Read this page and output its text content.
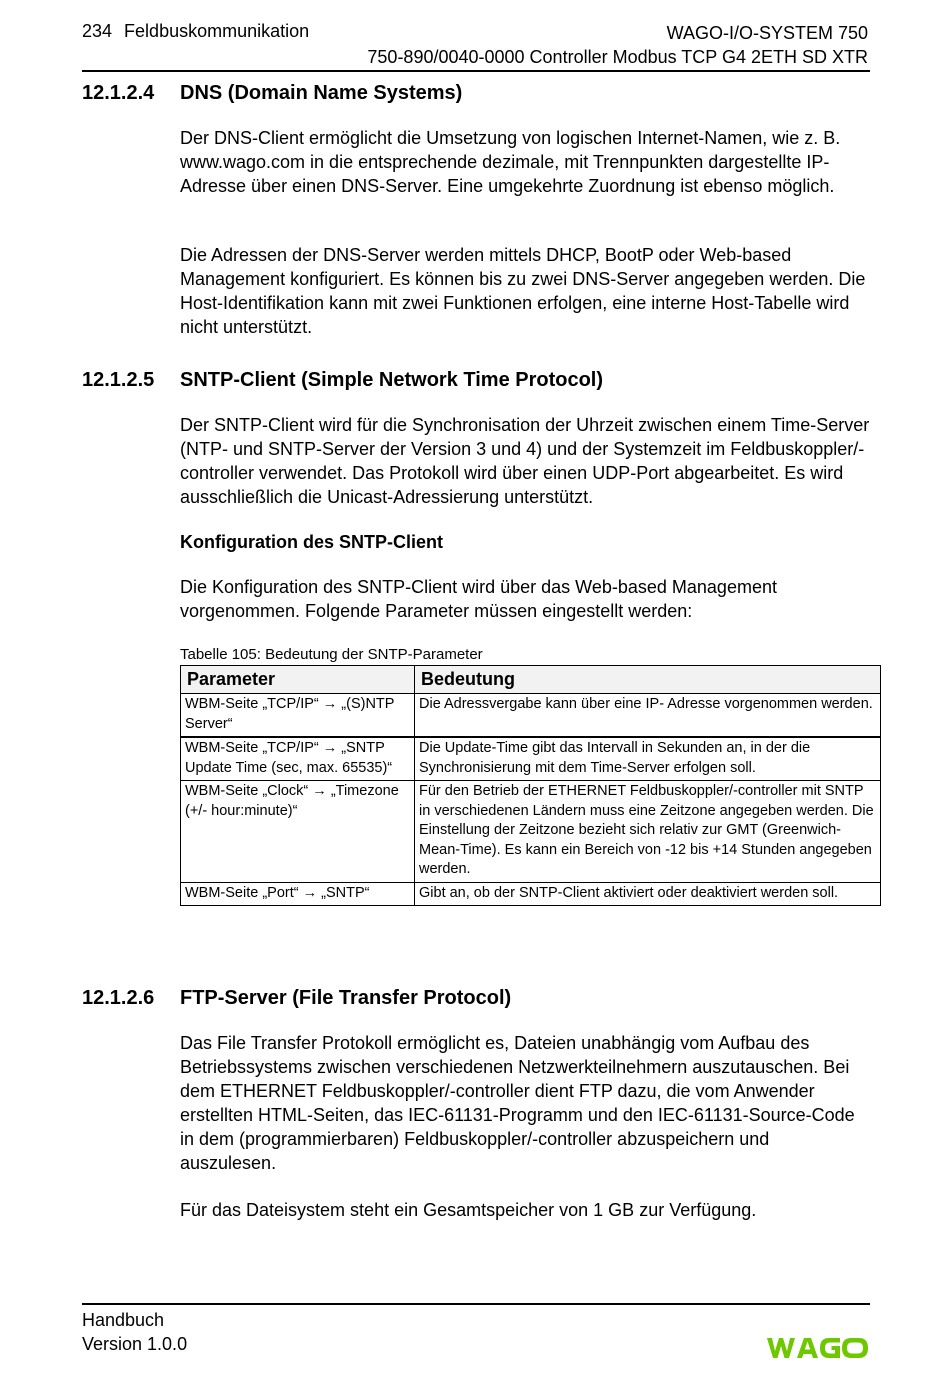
234 Feldbuskommunikation	WAGO-I/O-SYSTEM 750
750-890/0040-0000 Controller Modbus TCP G4 2ETH SD XTR
12.1.2.4 DNS (Domain Name Systems)

Der DNS-Client ermöglicht die Umsetzung von logischen Internet-Namen, wie z. B. www.wago.com in die entsprechende dezimale, mit Trennpunkten dargestellte IP-Adresse über einen DNS-Server. Eine umgekehrte Zuordnung ist ebenso möglich.

Die Adressen der DNS-Server werden mittels DHCP, BootP oder Web-based Management konfiguriert. Es können bis zu zwei DNS-Server angegeben werden. Die Host-Identifikation kann mit zwei Funktionen erfolgen, eine interne Host-Tabelle wird nicht unterstützt.

12.1.2.5 SNTP-Client (Simple Network Time Protocol)

Der SNTP-Client wird für die Synchronisation der Uhrzeit zwischen einem Time-Server (NTP- und SNTP-Server der Version 3 und 4) und der Systemzeit im Feldbuskoppler/-controller verwendet. Das Protokoll wird über einen UDP-Port abgearbeitet. Es wird ausschließlich die Unicast-Adressierung unterstützt.

Konfiguration des SNTP-Client

Die Konfiguration des SNTP-Client wird über das Web-based Management vorgenommen. Folgende Parameter müssen eingestellt werden:

Tabelle 105: Bedeutung der SNTP-Parameter
Parameter	Bedeutung
WBM-Seite „TCP/IP“ → „(S)NTP Server“	Die Adressvergabe kann über eine IP- Adresse vorgenommen werden.
WBM-Seite „TCP/IP“ → „SNTP Update Time (sec, max. 65535)“	Die Update-Time gibt das Intervall in Sekunden an, in der die Synchronisierung mit dem Time-Server erfolgen soll.
WBM-Seite „Clock“ → „Timezone (+/- hour:minute)“	Für den Betrieb der ETHERNET Feldbuskoppler/-controller mit SNTP in verschiedenen Ländern muss eine Zeitzone angegeben werden. Die Einstellung der Zeitzone bezieht sich relativ zur GMT (Greenwich-Mean-Time). Es kann ein Bereich von -12 bis +14 Stunden angegeben werden.
WBM-Seite „Port“ → „SNTP“	Gibt an, ob der SNTP-Client aktiviert oder deaktiviert werden soll.
12.1.2.6 FTP-Server (File Transfer Protocol)

Das File Transfer Protokoll ermöglicht es, Dateien unabhängig vom Aufbau des Betriebssystems zwischen verschiedenen Netzwerkteilnehmern auszutauschen. Bei dem ETHERNET Feldbuskoppler/-controller dient FTP dazu, die vom Anwender erstellten HTML-Seiten, das IEC-61131-Programm und den IEC-61131-Source-Code in dem (programmierbaren) Feldbuskoppler/-controller abzuspeichern und auszulesen.

Für das Dateisystem steht ein Gesamtspeicher von 1 GB zur Verfügung.

Handbuch
Version 1.0.0
